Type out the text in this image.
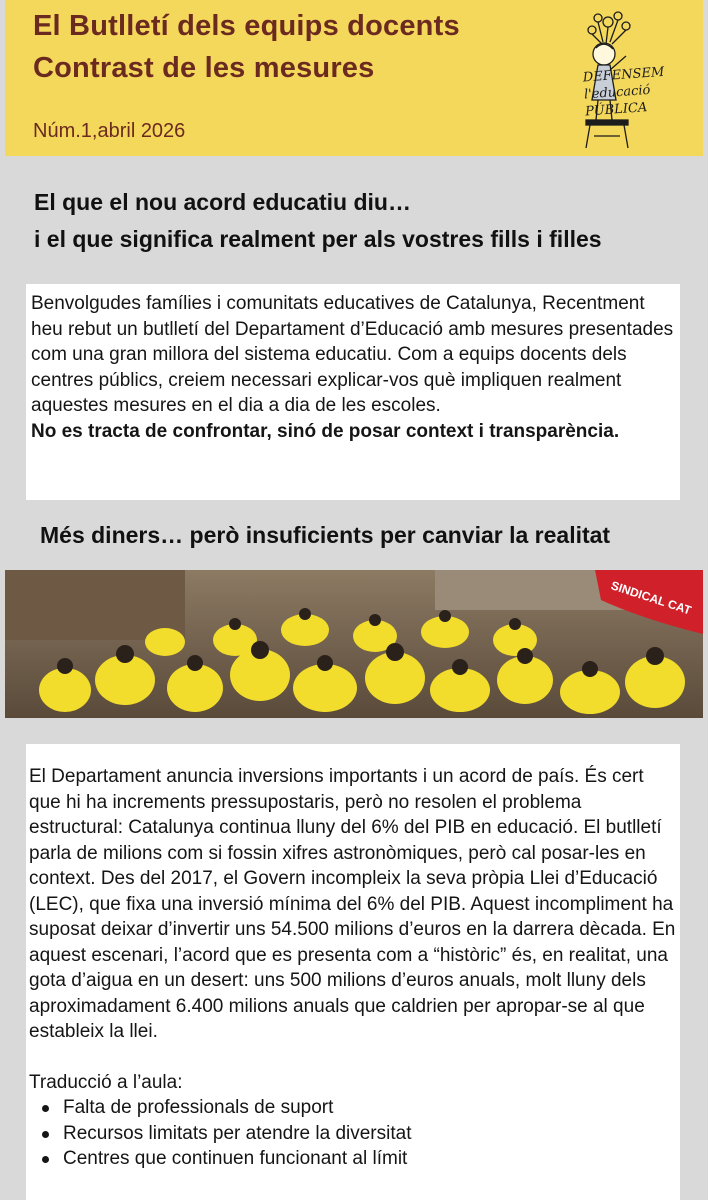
El Butlletí dels equips docents
Contrast de les mesures
Núm.1,abril 2026
DEFENSEM l'educació PÚBLICA
El que el nou acord educatiu diu…
i el que significa realment per als vostres fills i filles
Benvolgudes famílies i comunitats educatives de Catalunya, Recentment heu rebut un butlletí del Departament d’Educació amb mesures presentades com una gran millora del sistema educatiu. Com a equips docents dels centres públics, creiem necessari explicar-vos què impliquen realment aquestes mesures en el dia a dia de les escoles.
No es tracta de confrontar, sinó de posar context i transparència.
Més diners… però insuficients per canviar la realitat
SINDICAL CAT
El Departament anuncia inversions importants i un acord de país. És cert que hi ha increments pressupostaris, però no resolen el problema estructural: Catalunya continua lluny del 6% del PIB en educació. El butlletí parla de milions com si fossin xifres astronòmiques, però cal posar-les en context. Des del 2017, el Govern incompleix la seva pròpia Llei d’Educació (LEC), que fixa una inversió mínima del 6% del PIB. Aquest incompliment ha suposat deixar d’invertir uns 54.500 milions d’euros en la darrera dècada. En aquest escenari, l’acord que es presenta com a “històric” és, en realitat, una gota d’aigua en un desert: uns 500 milions d’euros anuals, molt lluny dels aproximadament 6.400 milions anuals que caldrien per apropar-se al que estableix la llei.
Traducció a l’aula:
Falta de professionals de suport
Recursos limitats per atendre la diversitat
Centres que continuen funcionant al límit
